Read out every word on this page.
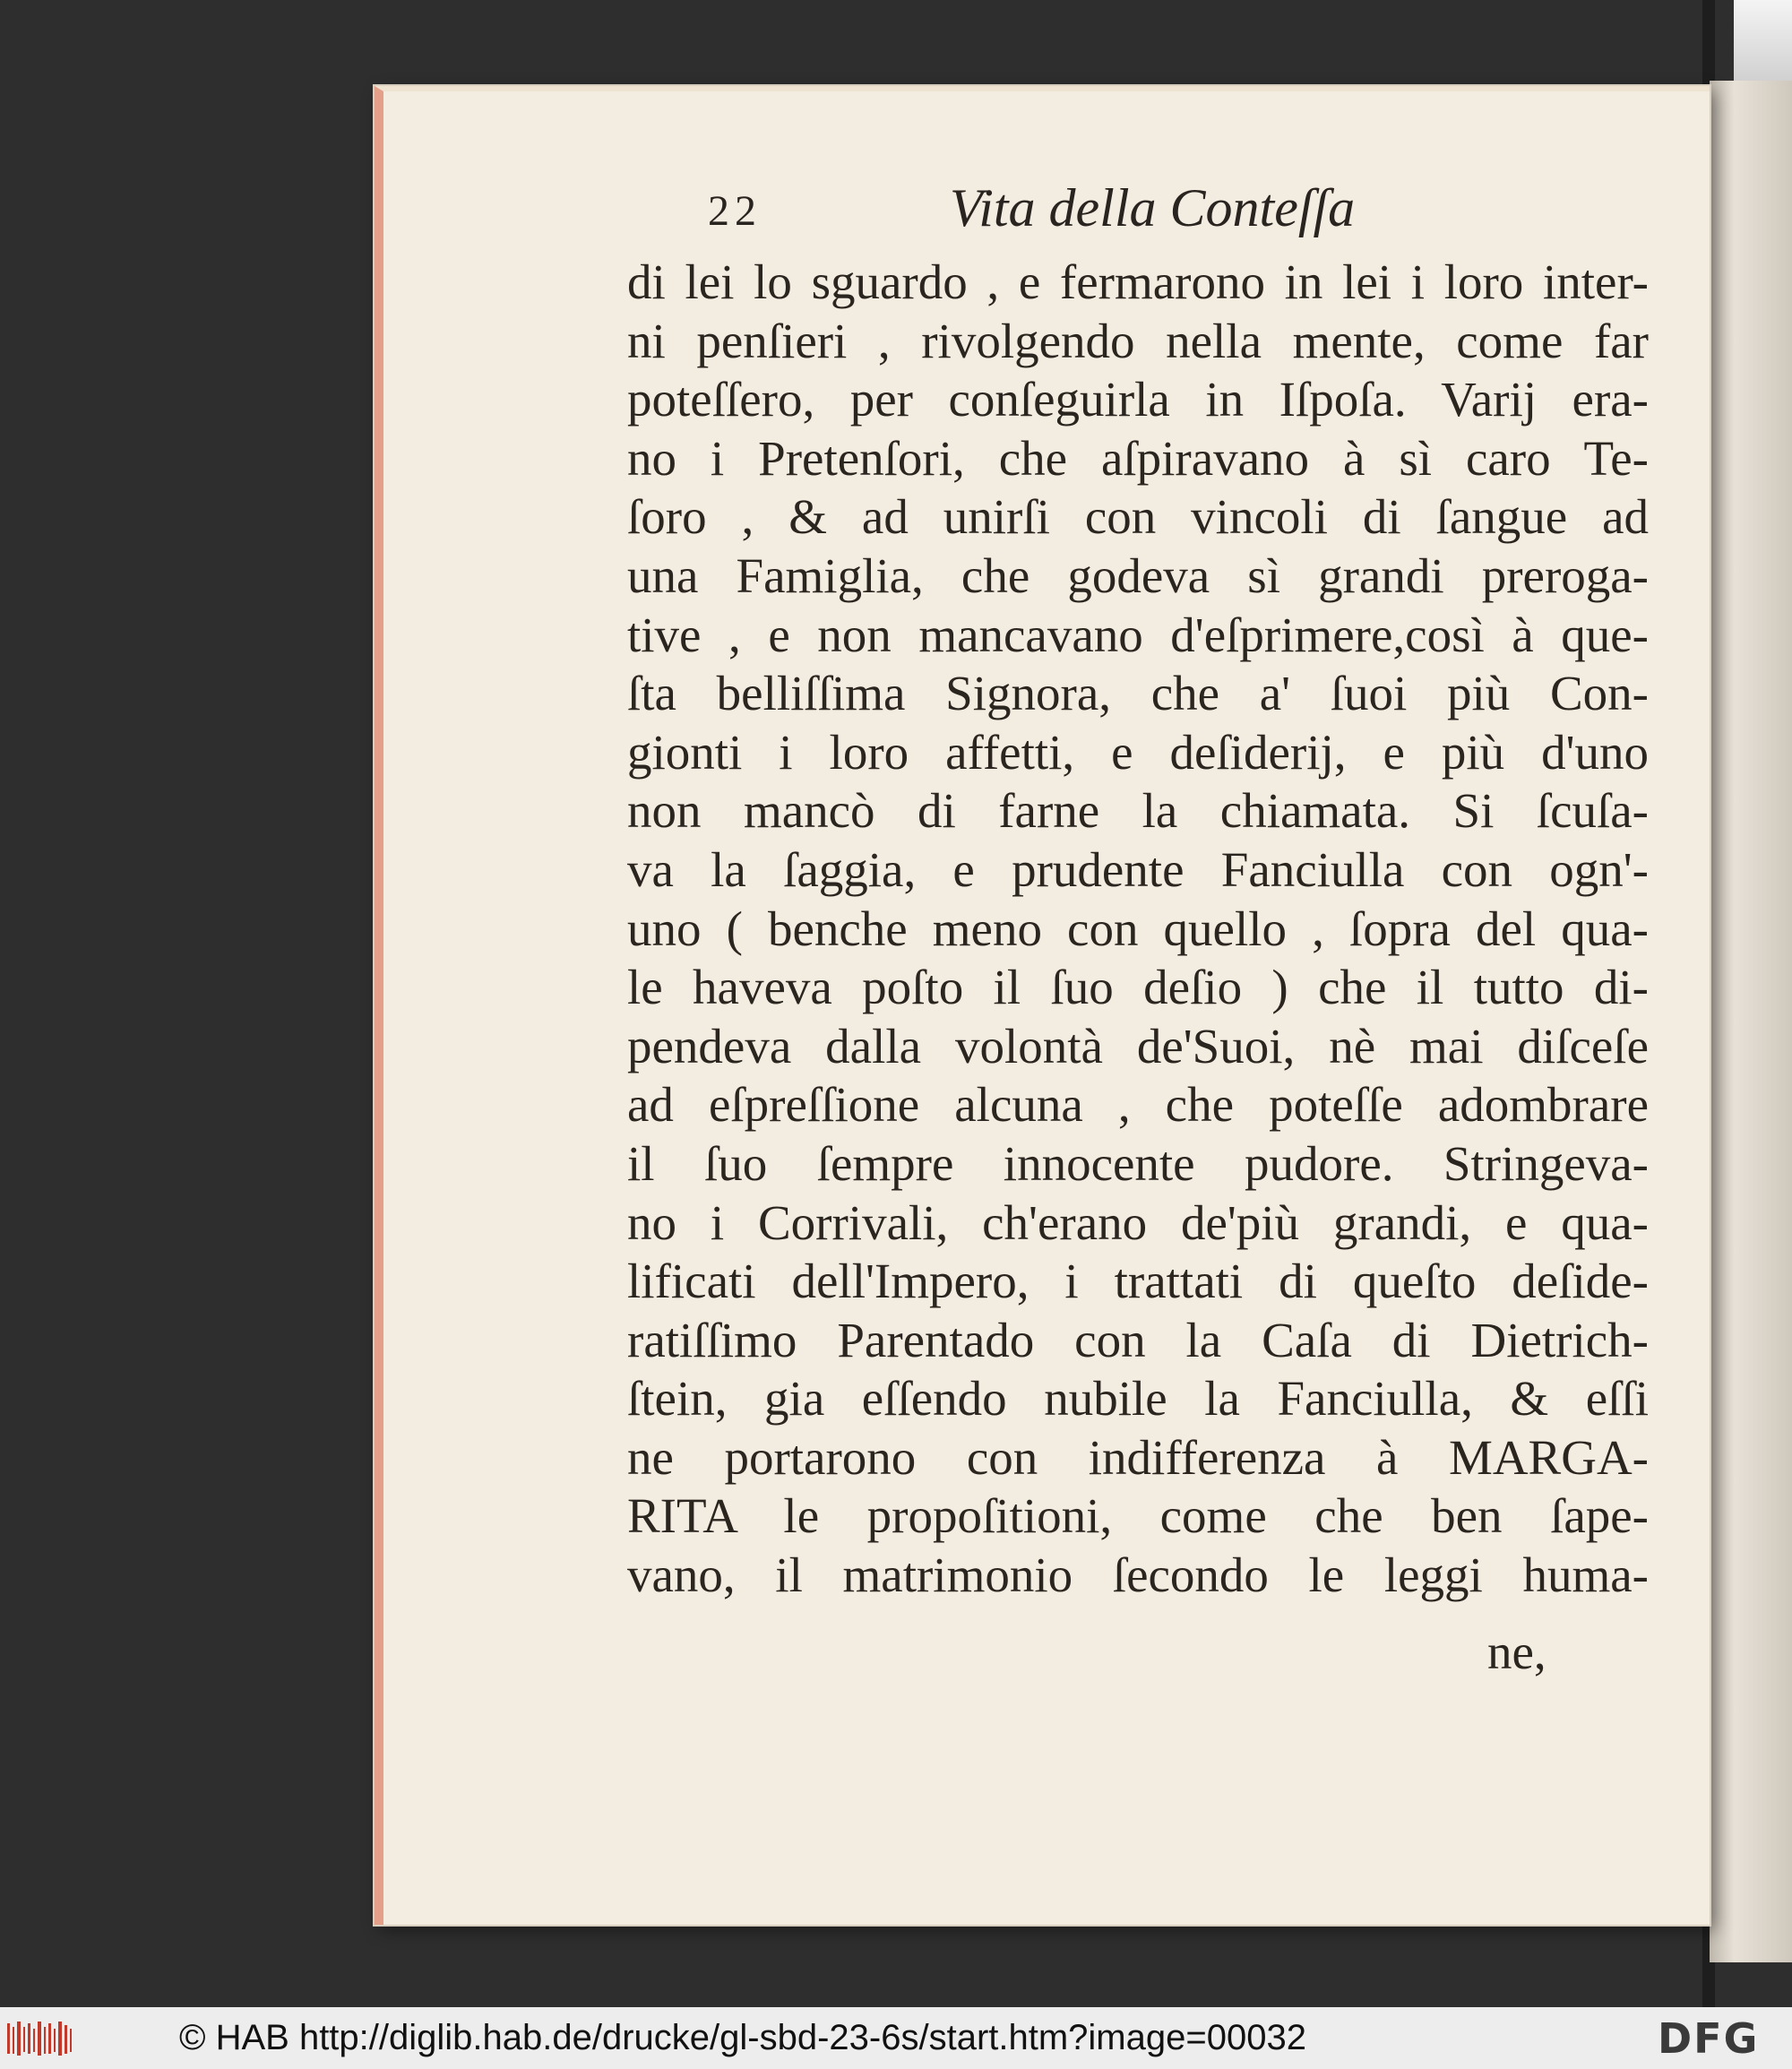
22	Vita della Conteſſa
di lei lo sguardo , e fermarono in lei i loro inter-
ni penſieri , rivolgendo nella mente, come far
poteſſero, per conſeguirla in Iſpoſa. Varij era-
no i Pretenſori, che aſpiravano à sì caro Te-
ſoro , & ad unirſi con vincoli di ſangue ad
una Famiglia, che godeva sì grandi preroga-
tive , e non mancavano d'eſprimere,così à que-
ſta belliſſima Signora, che a' ſuoi più Con-
gionti i loro affetti, e deſiderij, e più d'uno
non mancò di farne la chiamata. Si ſcuſa-
va la ſaggia, e prudente Fanciulla con ogn'-
uno ( benche meno con quello , ſopra del qua-
le haveva poſto il ſuo deſio ) che il tutto di-
pendeva dalla volontà de'Suoi, nè mai diſceſe
ad eſpreſſione alcuna , che poteſſe adombrare
il ſuo ſempre innocente pudore. Stringeva-
no i Corrivali, ch'erano de'più grandi, e qua-
lificati dell'Impero, i trattati di queſto deſide-
ratiſſimo Parentado con la Caſa di Dietrich-
ſtein, gia eſſendo nubile la Fanciulla, & eſſi
ne portarono con indifferenza à MARGA-
RITA le propoſitioni, come che ben ſape-
vano, il matrimonio ſecondo le leggi huma-
ne,
© HAB http://diglib.hab.de/drucke/gl-sbd-23-6s/start.htm?image=00032	DFG
